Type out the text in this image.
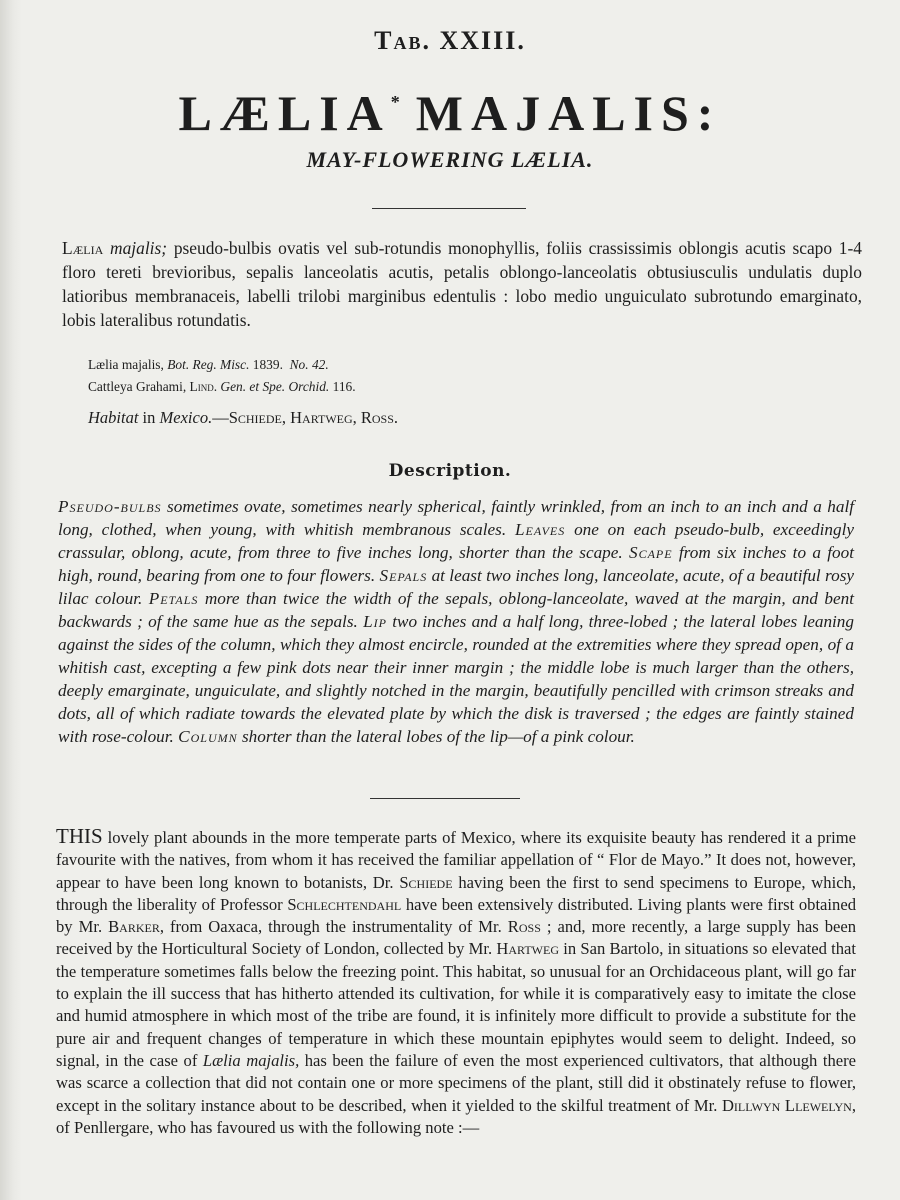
Tab. XXIII.
LÆLIA* MAJALIS:
MAY-FLOWERING LÆLIA.
Lælia majalis; pseudo-bulbis ovatis vel sub-rotundis monophyllis, foliis crassissimis oblongis acutis scapo 1-4 floro tereti brevioribus, sepalis lanceolatis acutis, petalis oblongo-lanceolatis obtusiusculis undulatis duplo latioribus membranaceis, labelli trilobi marginibus edentulis : lobo medio unguiculato subrotundo emarginato, lobis lateralibus rotundatis.
Lælia majalis, Bot. Reg. Misc. 1839. No. 42.
Cattleya Grahami, Lind. Gen. et Spe. Orchid. 116.
Habitat in Mexico.—Schiede, Hartweg, Ross.
Description.
Pseudo-bulbs sometimes ovate, sometimes nearly spherical, faintly wrinkled, from an inch to an inch and a half long, clothed, when young, with whitish membranous scales. Leaves one on each pseudo-bulb, exceedingly crassular, oblong, acute, from three to five inches long, shorter than the scape. Scape from six inches to a foot high, round, bearing from one to four flowers. Sepals at least two inches long, lanceolate, acute, of a beautiful rosy lilac colour. Petals more than twice the width of the sepals, oblong-lanceolate, waved at the margin, and bent backwards ; of the same hue as the sepals. Lip two inches and a half long, three-lobed ; the lateral lobes leaning against the sides of the column, which they almost encircle, rounded at the extremities where they spread open, of a whitish cast, excepting a few pink dots near their inner margin ; the middle lobe is much larger than the others, deeply emarginate, unguiculate, and slightly notched in the margin, beautifully pencilled with crimson streaks and dots, all of which radiate towards the elevated plate by which the disk is traversed ; the edges are faintly stained with rose-colour. Column shorter than the lateral lobes of the lip—of a pink colour.
THIS lovely plant abounds in the more temperate parts of Mexico, where its exquisite beauty has rendered it a prime favourite with the natives, from whom it has received the familiar appellation of “ Flor de Mayo.” It does not, however, appear to have been long known to botanists, Dr. Schiede having been the first to send specimens to Europe, which, through the liberality of Professor Schlechtendahl have been extensively distributed. Living plants were first obtained by Mr. Barker, from Oaxaca, through the instrumentality of Mr. Ross ; and, more recently, a large supply has been received by the Horticultural Society of London, collected by Mr. Hartweg in San Bartolo, in situations so elevated that the temperature sometimes falls below the freezing point. This habitat, so unusual for an Orchidaceous plant, will go far to explain the ill success that has hitherto attended its cultivation, for while it is comparatively easy to imitate the close and humid atmosphere in which most of the tribe are found, it is infinitely more difficult to provide a substitute for the pure air and frequent changes of temperature in which these mountain epiphytes would seem to delight. Indeed, so signal, in the case of Lælia majalis, has been the failure of even the most experienced cultivators, that although there was scarce a collection that did not contain one or more specimens of the plant, still did it obstinately refuse to flower, except in the solitary instance about to be described, when it yielded to the skilful treatment of Mr. Dillwyn Llewelyn, of Penllergare, who has favoured us with the following note :—
